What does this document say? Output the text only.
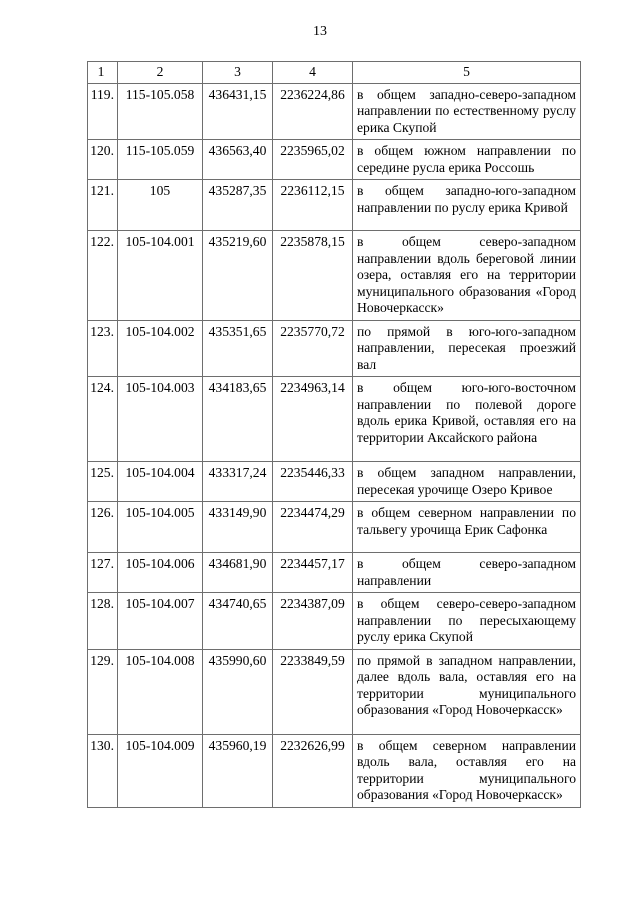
13
1	2	3	4	5
119.	115-105.058	436431,15	2236224,86	в общем западно-северо-западном направлении по естественному руслу ерика Скупой
120.	115-105.059	436563,40	2235965,02	в общем южном направлении по середине русла ерика Россошь
121.	105	435287,35	2236112,15	в общем западно-юго-западном направлении по руслу ерика Кривой
122.	105-104.001	435219,60	2235878,15	в общем северо-западном направлении вдоль береговой линии озера, оставляя его на территории муниципального образования «Город Новочеркасск»
123.	105-104.002	435351,65	2235770,72	по прямой в юго-юго-западном направлении, пересекая проезжий вал
124.	105-104.003	434183,65	2234963,14	в общем юго-юго-восточном направлении по полевой дороге вдоль ерика Кривой, оставляя его на территории Аксайского района
125.	105-104.004	433317,24	2235446,33	в общем западном направлении, пересекая урочище Озеро Кривое
126.	105-104.005	433149,90	2234474,29	в общем северном направлении по тальвегу урочища Ерик Сафонка
127.	105-104.006	434681,90	2234457,17	в общем северо-западном направлении
128.	105-104.007	434740,65	2234387,09	в общем северо-северо-западном направлении по пересыхающему руслу ерика Скупой
129.	105-104.008	435990,60	2233849,59	по прямой в западном направлении, далее вдоль вала, оставляя его на территории муниципального образования «Город Новочеркасск»
130.	105-104.009	435960,19	2232626,99	в общем северном направлении вдоль вала, оставляя его на территории муниципального образования «Город Новочеркасск»
